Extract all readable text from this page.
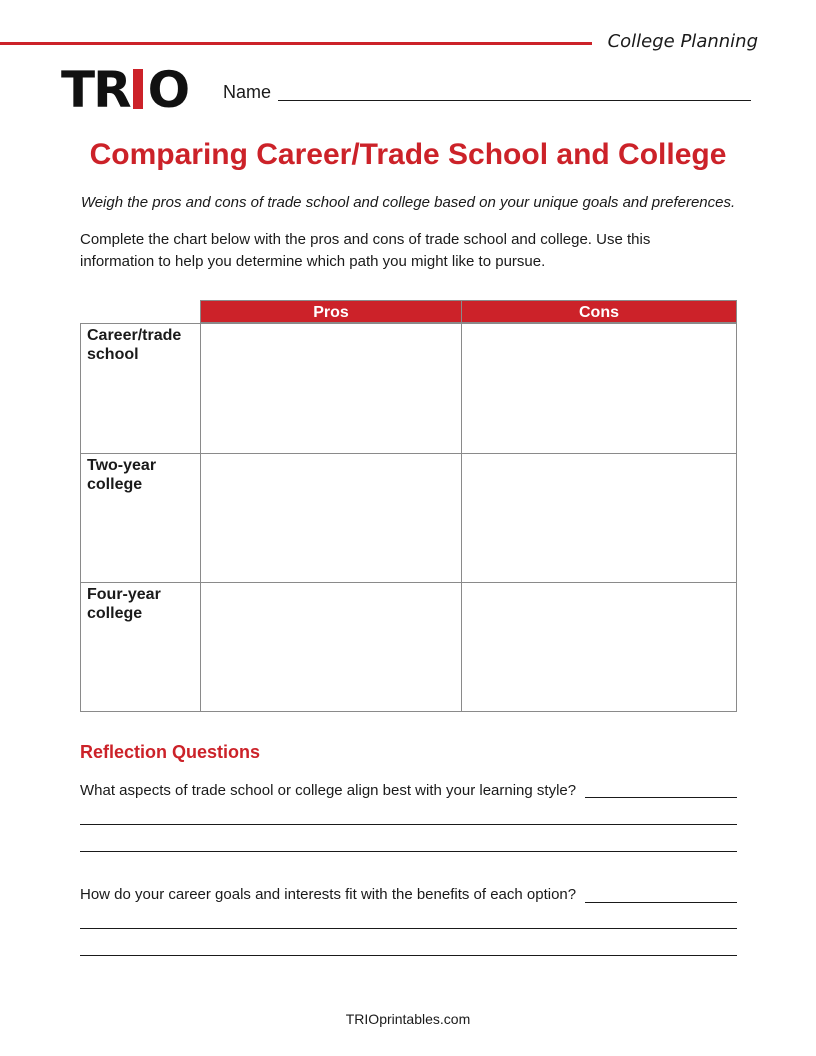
College Planning
TR O Name
Comparing Career/Trade School and College
Weigh the pros and cons of trade school and college based on your unique goals and preferences.
Complete the chart below with the pros and cons of trade school and college. Use this information to help you determine which path you might like to pursue.
Pros	Cons
Career/trade school
Two-year college
Four-year college
Reflection Questions
What aspects of trade school or college align best with your learning style?
How do your career goals and interests fit with the benefits of each option?
TRIOprintables.com
